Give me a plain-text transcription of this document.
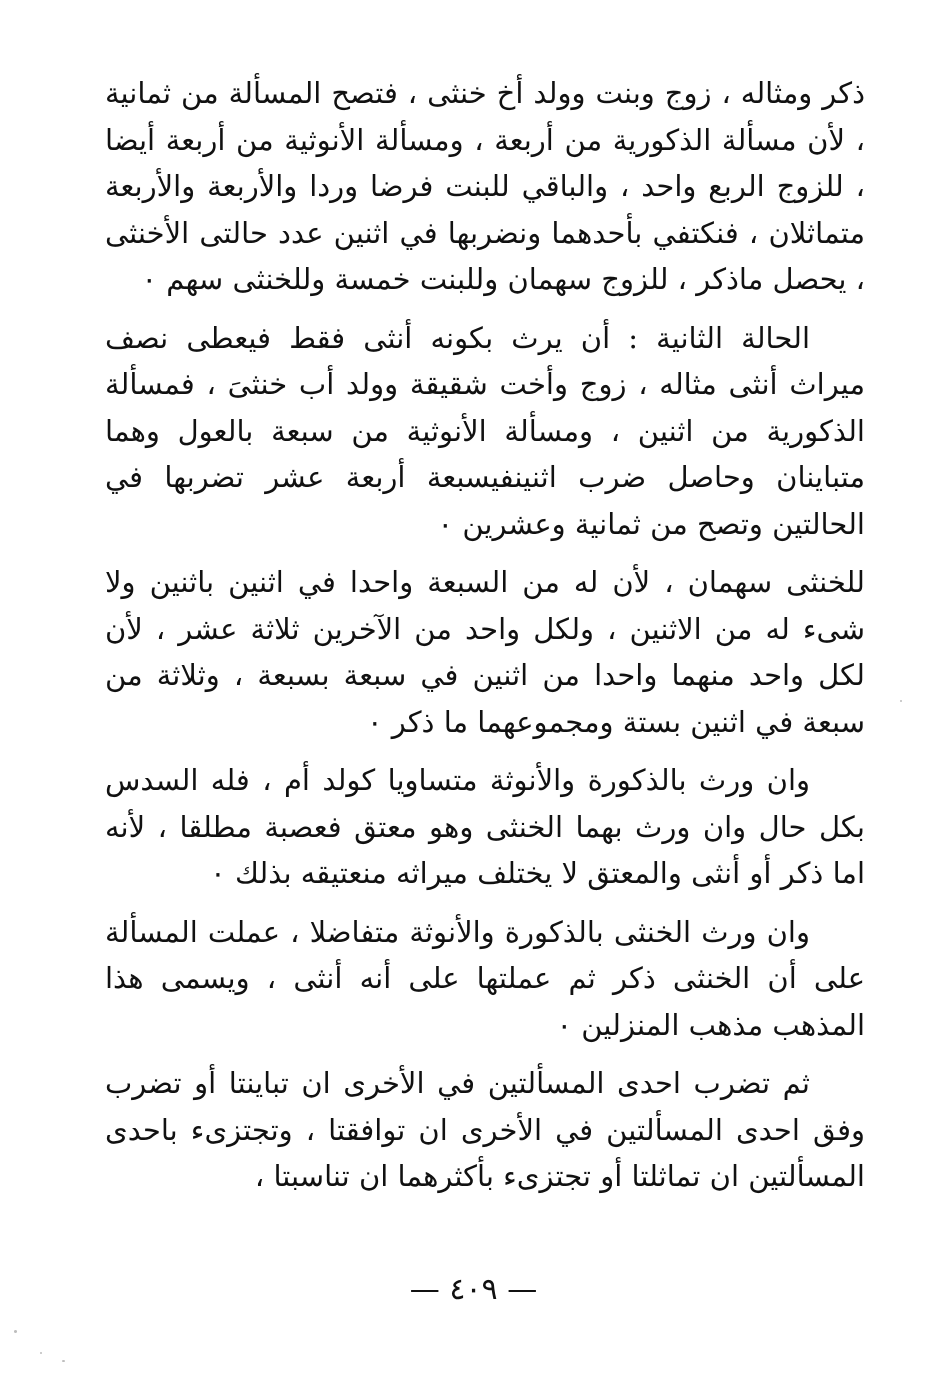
ذكر ومثاله ، زوج وبنت وولد أخ خنثى ، فتصح المسألة من ثمانية ، لأن مسألة الذكورية من أربعة ، ومسألة الأنوثية من أربعة أيضا ، للزوج الربع واحد ، والباقي للبنت فرضا وردا والأربعة والأربعة متماثلان ، فنكتفي بأحدهما ونضربها في اثنين عدد حالتى الأخنثى ، يحصل ماذكر ، للزوج سهمان وللبنت خمسة وللخنثى سهم ٠

الحالة الثانية : أن يرث بكونه أنثى فقط فيعطى نصف ميراث أنثى مثاله ، زوج وأخت شقيقة وولد أب خنثىَ ، فمسألة الذكورية من اثنين ، ومسألة الأنوثية من سبعة بالعول وهما متباينان وحاصل ضرب اثنينفيسبعة أربعة عشر تضربها في الحالتين وتصح من ثمانية وعشرين ٠

للخنثى سهمان ، لأن له من السبعة واحدا في اثنين باثنين ولا شىء له من الاثنين ، ولكل واحد من الآخرين ثلاثة عشر ، لأن لكل واحد منهما واحدا من اثنين في سبعة بسبعة ، وثلاثة من سبعة في اثنين بستة ومجموعهما ما ذكر ٠

وان ورث بالذكورة والأنوثة متساويا كولد أم ، فله السدس بكل حال وان ورث بهما الخنثى وهو معتق فعصبة مطلقا ، لأنه اما ذكر أو أنثى والمعتق لا يختلف ميراثه منعتيقه بذلك ٠

وان ورث الخنثى بالذكورة والأنوثة متفاضلا ، عملت المسألة على أن الخنثى ذكر ثم عملتها على أنه أنثى ، ويسمى هذا المذهب مذهب المنزلين ٠

ثم تضرب احدى المسألتين في الأخرى ان تباينتا أو تضرب وفق احدى المسألتين في الأخرى ان توافقتا ، وتجتزىء باحدى المسألتين ان تماثلتا أو تجتزىء بأكثرهما ان تناسبتا ،

— ٤٠٩ —
